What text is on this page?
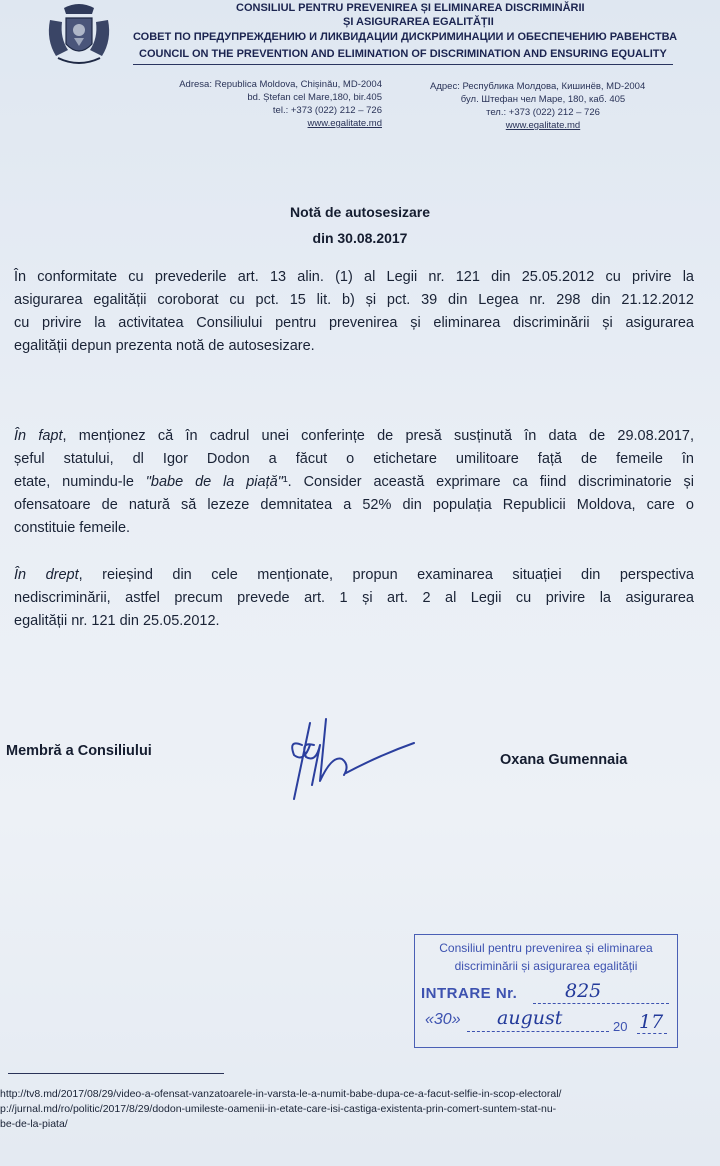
CONSILIUL PENTRU PREVENIREA ȘI ELIMINAREA DISCRIMINĂRII
ȘI ASIGURAREA EGALITĂȚII
СОВЕТ ПО ПРЕДУПРЕЖДЕНИЮ И ЛИКВИДАЦИИ ДИСКРИМИНАЦИИ И ОБЕСПЕЧЕНИЮ РАВЕНСТВА
COUNCIL ON THE PREVENTION AND ELIMINATION OF DISCRIMINATION AND ENSURING EQUALITY
Adresa: Republica Moldova, Chișinău, MD-2004
bd. Ștefan cel Mare,180, bir.405
tel.: +373 (022) 212 – 726
www.egalitate.md
Адрес: Республика Молдова, Кишинёв, MD-2004
бул. Штефан чел Маре, 180, каб. 405
тел.: +373 (022) 212 – 726
www.egalitate.md
Notă de autosesizare
din 30.08.2017
În conformitate cu prevederile art. 13 alin. (1) al Legii nr. 121 din 25.05.2012 cu privire la
asigurarea egalității coroborat cu pct. 15 lit. b) și pct. 39 din Legea nr. 298 din 21.12.2012
cu privire la activitatea Consiliului pentru prevenirea și eliminarea discriminării și asigurarea
egalității depun prezenta notă de autosesizare.
În fapt, menționez că în cadrul unei conferințe de presă susținută în data de 29.08.2017,
șeful statului, dl Igor Dodon a făcut o etichetare umilitoare față de femeile în
etate, numindu-le "babe de la piață"¹. Consider această exprimare ca fiind discriminatorie și
ofensatoare de natură să lezeze demnitatea a 52% din populația Republicii Moldova, care o
constituie femeile.
În drept, reieșind din cele menționate, propun examinarea situației din perspectiva
nediscriminării, astfel precum prevede art. 1 și art. 2 al Legii cu privire la asigurarea
egalității nr. 121 din 25.05.2012.
Membră a Consiliului
Oxana Gumennaia
Consiliul pentru prevenirea și eliminarea
discriminării și asigurarea egalității
INTRARE Nr.	825
«30» august	20 17
http://tv8.md/2017/08/29/video-a-ofensat-vanzatoarele-in-varsta-le-a-numit-babe-dupa-ce-a-facut-selfie-in-scop-electoral/
p://jurnal.md/ro/politic/2017/8/29/dodon-umileste-oamenii-in-etate-care-isi-castiga-existenta-prin-comert-suntem-stat-nu-
be-de-la-piata/
